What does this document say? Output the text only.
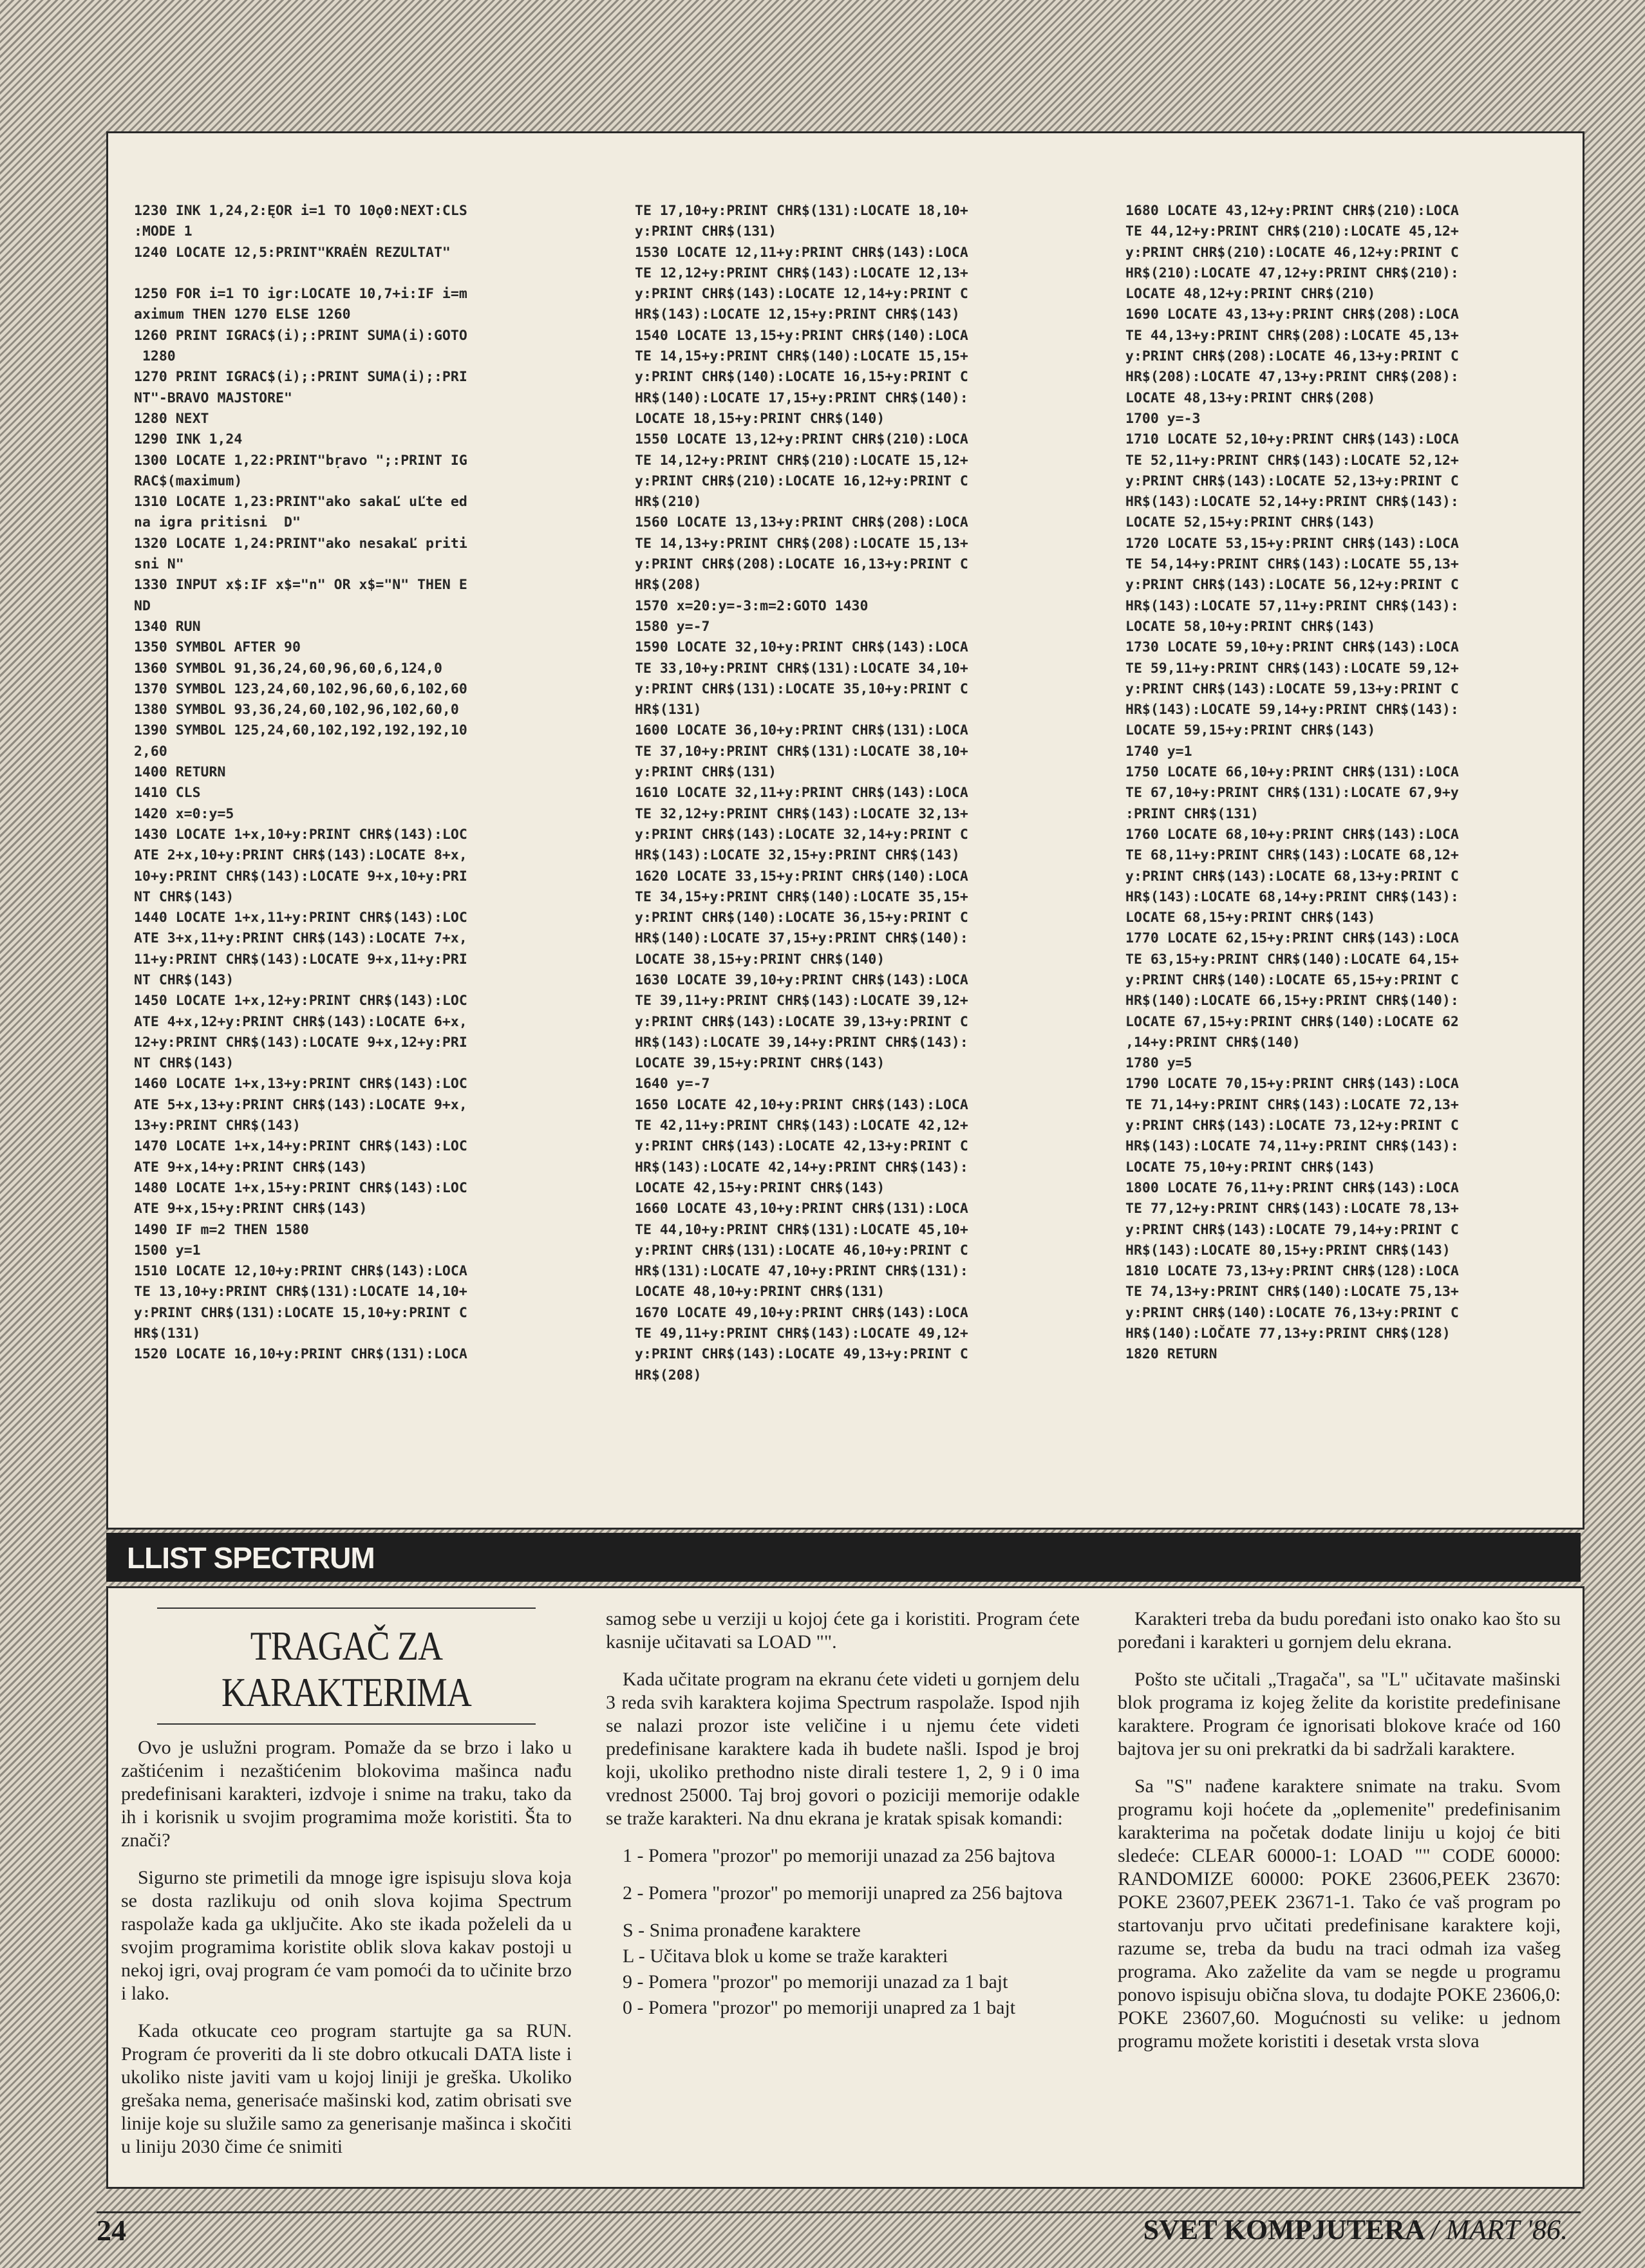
1230 INK 1,24,2:ĘOR i=1 TO 10ǫ0:NEXT:CLS
:MODE 1
1240 LOCATE 12,5:PRINT"KRAĖN REZULTAT"

1250 FOR i=1 TO igr:LOCATE 10,7+i:IF i=m
aximum THEN 1270 ELSE 1260
1260 PRINT IGRAC$(i);:PRINT SUMA(i):GOTO
1280
1270 PRINT IGRAC$(i);:PRINT SUMA(i);:PRI
NT"-BRAVO MAJSTORE"
1280 NEXT
1290 INK 1,24
1300 LOCATE 1,22:PRINT"bṛavo ";:PRINT IG
RAC$(maximum)
1310 LOCATE 1,23:PRINT"ako sakaĽ uĽte ed
na igra pritisni  D"
1320 LOCATE 1,24:PRINT"ako nesakaĽ priti
sni N"
1330 INPUT x$:IF x$="n" OR x$="N" THEN E
ND
1340 RUN
1350 SYMBOL AFTER 90
1360 SYMBOL 91,36,24,60,96,60,6,124,0
1370 SYMBOL 123,24,60,102,96,60,6,102,60
1380 SYMBOL 93,36,24,60,102,96,102,60,0
1390 SYMBOL 125,24,60,102,192,192,192,10
2,60
1400 RETURN
1410 CLS
1420 x=0:y=5
1430 LOCATE 1+x,10+y:PRINT CHR$(143):LOC
ATE 2+x,10+y:PRINT CHR$(143):LOCATE 8+x,
10+y:PRINT CHR$(143):LOCATE 9+x,10+y:PRI
NT CHR$(143)
1440 LOCATE 1+x,11+y:PRINT CHR$(143):LOC
ATE 3+x,11+y:PRINT CHR$(143):LOCATE 7+x,
11+y:PRINT CHR$(143):LOCATE 9+x,11+y:PRI
NT CHR$(143)
1450 LOCATE 1+x,12+y:PRINT CHR$(143):LOC
ATE 4+x,12+y:PRINT CHR$(143):LOCATE 6+x,
12+y:PRINT CHR$(143):LOCATE 9+x,12+y:PRI
NT CHR$(143)
1460 LOCATE 1+x,13+y:PRINT CHR$(143):LOC
ATE 5+x,13+y:PRINT CHR$(143):LOCATE 9+x,
13+y:PRINT CHR$(143)
1470 LOCATE 1+x,14+y:PRINT CHR$(143):LOC
ATE 9+x,14+y:PRINT CHR$(143)
1480 LOCATE 1+x,15+y:PRINT CHR$(143):LOC
ATE 9+x,15+y:PRINT CHR$(143)
1490 IF m=2 THEN 1580
1500 y=1
1510 LOCATE 12,10+y:PRINT CHR$(143):LOCA
TE 13,10+y:PRINT CHR$(131):LOCATE 14,10+
y:PRINT CHR$(131):LOCATE 15,10+y:PRINT C
HR$(131)
1520 LOCATE 16,10+y:PRINT CHR$(131):LOCA
TE 17,10+y:PRINT CHR$(131):LOCATE 18,10+
y:PRINT CHR$(131)
1530 LOCATE 12,11+y:PRINT CHR$(143):LOCA
TE 12,12+y:PRINT CHR$(143):LOCATE 12,13+
y:PRINT CHR$(143):LOCATE 12,14+y:PRINT C
HR$(143):LOCATE 12,15+y:PRINT CHR$(143)
1540 LOCATE 13,15+y:PRINT CHR$(140):LOCA
TE 14,15+y:PRINT CHR$(140):LOCATE 15,15+
y:PRINT CHR$(140):LOCATE 16,15+y:PRINT C
HR$(140):LOCATE 17,15+y:PRINT CHR$(140):
LOCATE 18,15+y:PRINT CHR$(140)
1550 LOCATE 13,12+y:PRINT CHR$(210):LOCA
TE 14,12+y:PRINT CHR$(210):LOCATE 15,12+
y:PRINT CHR$(210):LOCATE 16,12+y:PRINT C
HR$(210)
1560 LOCATE 13,13+y:PRINT CHR$(208):LOCA
TE 14,13+y:PRINT CHR$(208):LOCATE 15,13+
y:PRINT CHR$(208):LOCATE 16,13+y:PRINT C
HR$(208)
1570 x=20:y=-3:m=2:GOTO 1430
1580 y=-7
1590 LOCATE 32,10+y:PRINT CHR$(143):LOCA
TE 33,10+y:PRINT CHR$(131):LOCATE 34,10+
y:PRINT CHR$(131):LOCATE 35,10+y:PRINT C
HR$(131)
1600 LOCATE 36,10+y:PRINT CHR$(131):LOCA
TE 37,10+y:PRINT CHR$(131):LOCATE 38,10+
y:PRINT CHR$(131)
1610 LOCATE 32,11+y:PRINT CHR$(143):LOCA
TE 32,12+y:PRINT CHR$(143):LOCATE 32,13+
y:PRINT CHR$(143):LOCATE 32,14+y:PRINT C
HR$(143):LOCATE 32,15+y:PRINT CHR$(143)
1620 LOCATE 33,15+y:PRINT CHR$(140):LOCA
TE 34,15+y:PRINT CHR$(140):LOCATE 35,15+
y:PRINT CHR$(140):LOCATE 36,15+y:PRINT C
HR$(140):LOCATE 37,15+y:PRINT CHR$(140):
LOCATE 38,15+y:PRINT CHR$(140)
1630 LOCATE 39,10+y:PRINT CHR$(143):LOCA
TE 39,11+y:PRINT CHR$(143):LOCATE 39,12+
y:PRINT CHR$(143):LOCATE 39,13+y:PRINT C
HR$(143):LOCATE 39,14+y:PRINT CHR$(143):
LOCATE 39,15+y:PRINT CHR$(143)
1640 y=-7
1650 LOCATE 42,10+y:PRINT CHR$(143):LOCA
TE 42,11+y:PRINT CHR$(143):LOCATE 42,12+
y:PRINT CHR$(143):LOCATE 42,13+y:PRINT C
HR$(143):LOCATE 42,14+y:PRINT CHR$(143):
LOCATE 42,15+y:PRINT CHR$(143)
1660 LOCATE 43,10+y:PRINT CHR$(131):LOCA
TE 44,10+y:PRINT CHR$(131):LOCATE 45,10+
y:PRINT CHR$(131):LOCATE 46,10+y:PRINT C
HR$(131):LOCATE 47,10+y:PRINT CHR$(131):
LOCATE 48,10+y:PRINT CHR$(131)
1670 LOCATE 49,10+y:PRINT CHR$(143):LOCA
TE 49,11+y:PRINT CHR$(143):LOCATE 49,12+
y:PRINT CHR$(143):LOCATE 49,13+y:PRINT C
HR$(208)
1680 LOCATE 43,12+y:PRINT CHR$(210):LOCA
TE 44,12+y:PRINT CHR$(210):LOCATE 45,12+
y:PRINT CHR$(210):LOCATE 46,12+y:PRINT C
HR$(210):LOCATE 47,12+y:PRINT CHR$(210):
LOCATE 48,12+y:PRINT CHR$(210)
1690 LOCATE 43,13+y:PRINT CHR$(208):LOCA
TE 44,13+y:PRINT CHR$(208):LOCATE 45,13+
y:PRINT CHR$(208):LOCATE 46,13+y:PRINT C
HR$(208):LOCATE 47,13+y:PRINT CHR$(208):
LOCATE 48,13+y:PRINT CHR$(208)
1700 y=-3
1710 LOCATE 52,10+y:PRINT CHR$(143):LOCA
TE 52,11+y:PRINT CHR$(143):LOCATE 52,12+
y:PRINT CHR$(143):LOCATE 52,13+y:PRINT C
HR$(143):LOCATE 52,14+y:PRINT CHR$(143):
LOCATE 52,15+y:PRINT CHR$(143)
1720 LOCATE 53,15+y:PRINT CHR$(143):LOCA
TE 54,14+y:PRINT CHR$(143):LOCATE 55,13+
y:PRINT CHR$(143):LOCATE 56,12+y:PRINT C
HR$(143):LOCATE 57,11+y:PRINT CHR$(143):
LOCATE 58,10+y:PRINT CHR$(143)
1730 LOCATE 59,10+y:PRINT CHR$(143):LOCA
TE 59,11+y:PRINT CHR$(143):LOCATE 59,12+
y:PRINT CHR$(143):LOCATE 59,13+y:PRINT C
HR$(143):LOCATE 59,14+y:PRINT CHR$(143):
LOCATE 59,15+y:PRINT CHR$(143)
1740 y=1
1750 LOCATE 66,10+y:PRINT CHR$(131):LOCA
TE 67,10+y:PRINT CHR$(131):LOCATE 67,9+y
:PRINT CHR$(131)
1760 LOCATE 68,10+y:PRINT CHR$(143):LOCA
TE 68,11+y:PRINT CHR$(143):LOCATE 68,12+
y:PRINT CHR$(143):LOCATE 68,13+y:PRINT C
HR$(143):LOCATE 68,14+y:PRINT CHR$(143):
LOCATE 68,15+y:PRINT CHR$(143)
1770 LOCATE 62,15+y:PRINT CHR$(143):LOCA
TE 63,15+y:PRINT CHR$(140):LOCATE 64,15+
y:PRINT CHR$(140):LOCATE 65,15+y:PRINT C
HR$(140):LOCATE 66,15+y:PRINT CHR$(140):
LOCATE 67,15+y:PRINT CHR$(140):LOCATE 62
,14+y:PRINT CHR$(140)
1780 y=5
1790 LOCATE 70,15+y:PRINT CHR$(143):LOCA
TE 71,14+y:PRINT CHR$(143):LOCATE 72,13+
y:PRINT CHR$(143):LOCATE 73,12+y:PRINT C
HR$(143):LOCATE 74,11+y:PRINT CHR$(143):
LOCATE 75,10+y:PRINT CHR$(143)
1800 LOCATE 76,11+y:PRINT CHR$(143):LOCA
TE 77,12+y:PRINT CHR$(143):LOCATE 78,13+
y:PRINT CHR$(143):LOCATE 79,14+y:PRINT C
HR$(143):LOCATE 80,15+y:PRINT CHR$(143)
1810 LOCATE 73,13+y:PRINT CHR$(128):LOCA
TE 74,13+y:PRINT CHR$(140):LOCATE 75,13+
y:PRINT CHR$(140):LOCATE 76,13+y:PRINT C
HR$(140):LOČATE 77,13+y:PRINT CHR$(128)
1820 RETURN
LLIST SPECTRUM
TRAGAČ ZA KARAKTERIMA

Ovo je uslužni program. Pomaže da se brzo i lako u zaštićenim i nezaštićenim blokovima mašinca nađu predefinisani karakteri, izdvoje i snime na traku, tako da ih i korisnik u svojim programima može koristiti. Šta to znači?

Sigurno ste primetili da mnoge igre ispisuju slova koja se dosta razlikuju od onih slova kojima Spectrum raspolaže kada ga uključite. Ako ste ikada poželeli da u svojim programima koristite oblik slova kakav postoji u nekoj igri, ovaj program će vam pomoći da to učinite brzo i lako.

Kada otkucate ceo program startujte ga sa RUN. Program će proveriti da li ste dobro otkucali DATA liste i ukoliko niste javiti vam u kojoj liniji je greška. Ukoliko grešaka nema, generisaće mašinski kod, zatim obrisati sve linije koje su služile samo za generisanje mašinca i skočiti u liniju 2030 čime će snimiti

samog sebe u verziji u kojoj ćete ga i koristiti. Program ćete kasnije učitavati sa LOAD "".

Kada učitate program na ekranu ćete videti u gornjem delu 3 reda svih karaktera kojima Spectrum raspolaže. Ispod njih se nalazi prozor iste veličine i u njemu ćete videti predefinisane karaktere kada ih budete našli. Ispod je broj koji, ukoliko prethodno niste dirali testere 1, 2, 9 i 0 ima vrednost 25000. Taj broj govori o poziciji memorije odakle se traže karakteri. Na dnu ekrana je kratak spisak komandi:

1 - Pomera "prozor" po memoriji unazad za 256 bajtova

2 - Pomera "prozor" po memoriji unapred za 256 bajtova

S - Snima pronađene karaktere

L - Učitava blok u kome se traže karakteri

9 - Pomera "prozor" po memoriji unazad za 1 bajt

0 - Pomera "prozor" po memoriji unapred za 1 bajt

Karakteri treba da budu poređani isto onako kao što su poređani i karakteri u gornjem delu ekrana.

Pošto ste učitali „Tragača", sa "L" učitavate mašinski blok programa iz kojeg želite da koristite predefinisane karaktere. Program će ignorisati blokove kraće od 160 bajtova jer su oni prekratki da bi sadržali karaktere.

Sa "S" nađene karaktere snimate na traku. Svom programu koji hoćete da „oplemenite" predefinisanim karakterima na početak dodate liniju u kojoj će biti sledeće: CLEAR 60000-1: LOAD "" CODE 60000: RANDOMIZE 60000: POKE 23606,PEEK 23670: POKE 23607,PEEK 23671-1. Tako će vaš program po startovanju prvo učitati predefinisane karaktere koji, razume se, treba da budu na traci odmah iza vašeg programa. Ako zaželite da vam se negde u programu ponovo ispisuju obična slova, tu dodajte POKE 23606,0: POKE 23607,60. Mogućnosti su velike: u jednom programu možete koristiti i desetak vrsta slova

24	SVET KOMPJUTERA / MART '86.
